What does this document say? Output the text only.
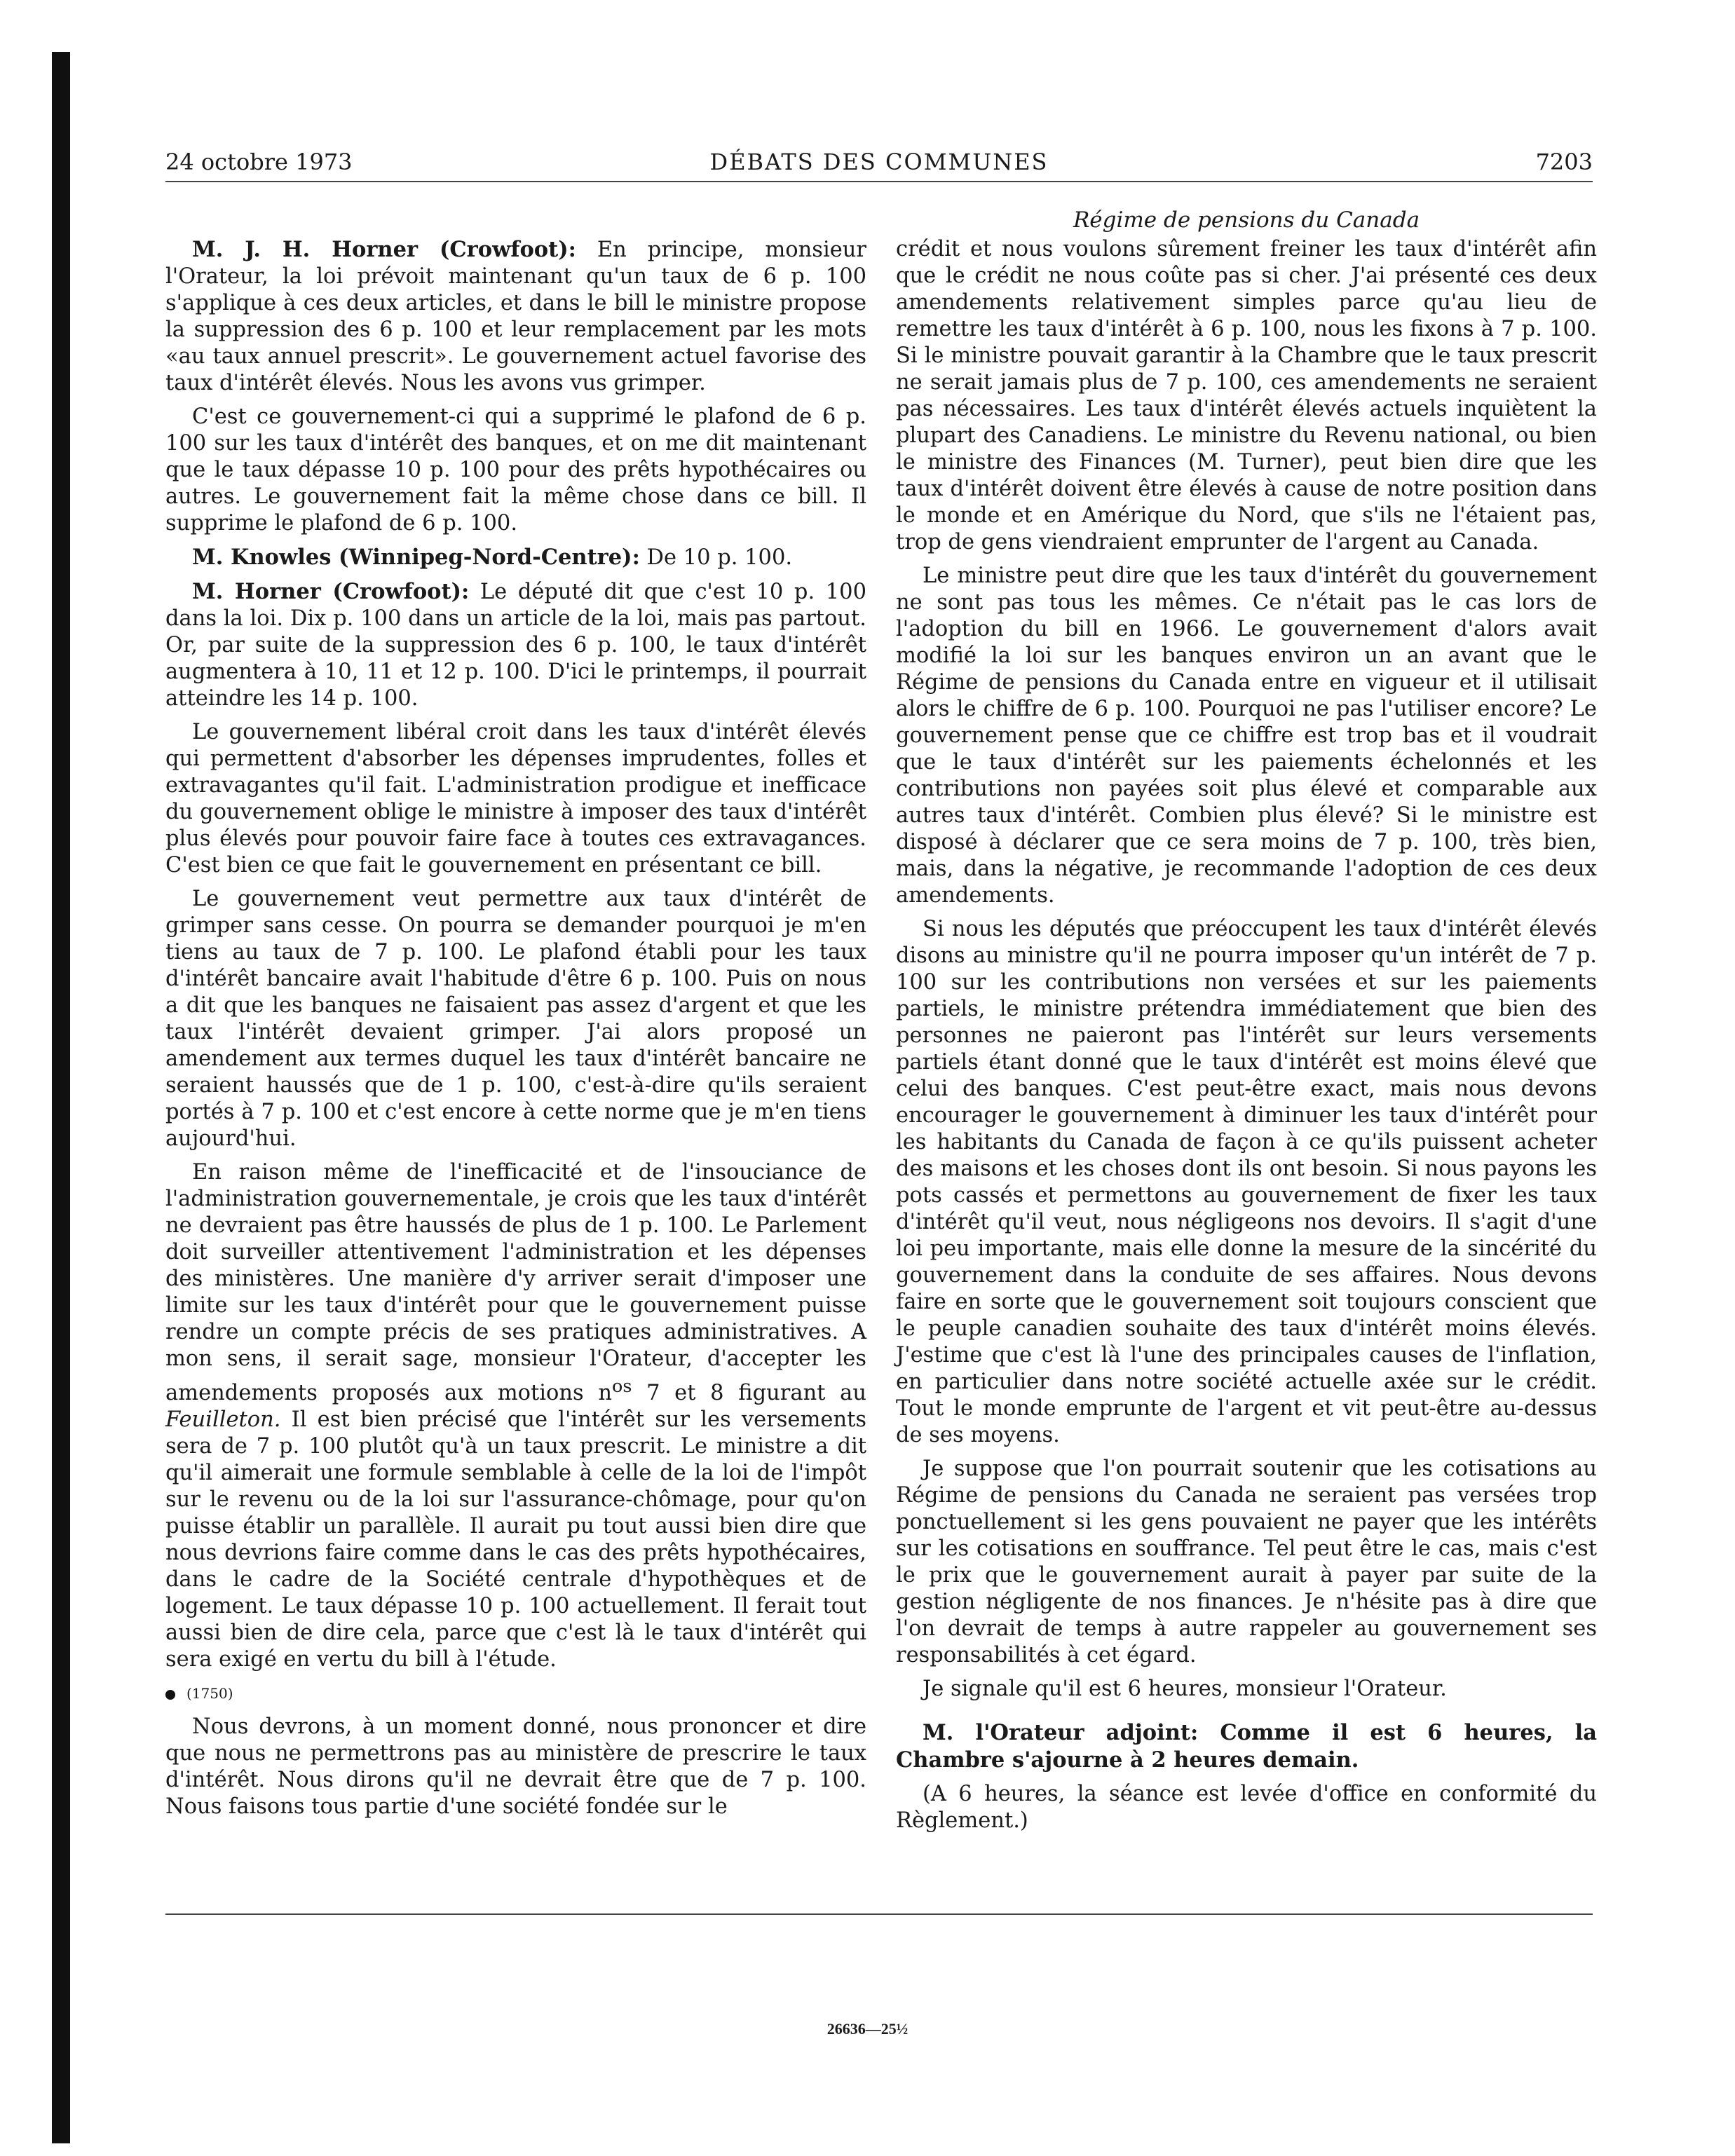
24 octobre 1973	DÉBATS DES COMMUNES	7203

M. J. H. Horner (Crowfoot): En principe, monsieur l'Orateur, la loi prévoit maintenant qu'un taux de 6 p. 100 s'applique à ces deux articles, et dans le bill le ministre propose la suppression des 6 p. 100 et leur remplacement par les mots «au taux annuel prescrit». Le gouvernement actuel favorise des taux d'intérêt élevés. Nous les avons vus grimper.

C'est ce gouvernement-ci qui a supprimé le plafond de 6 p. 100 sur les taux d'intérêt des banques, et on me dit maintenant que le taux dépasse 10 p. 100 pour des prêts hypothécaires ou autres. Le gouvernement fait la même chose dans ce bill. Il supprime le plafond de 6 p. 100.

M. Knowles (Winnipeg-Nord-Centre): De 10 p. 100.

M. Horner (Crowfoot): Le député dit que c'est 10 p. 100 dans la loi. Dix p. 100 dans un article de la loi, mais pas partout. Or, par suite de la suppression des 6 p. 100, le taux d'intérêt augmentera à 10, 11 et 12 p. 100. D'ici le printemps, il pourrait atteindre les 14 p. 100.

Le gouvernement libéral croit dans les taux d'intérêt élevés qui permettent d'absorber les dépenses imprudentes, folles et extravagantes qu'il fait. L'administration prodigue et inefficace du gouvernement oblige le ministre à imposer des taux d'intérêt plus élevés pour pouvoir faire face à toutes ces extravagances. C'est bien ce que fait le gouvernement en présentant ce bill.

Le gouvernement veut permettre aux taux d'intérêt de grimper sans cesse. On pourra se demander pourquoi je m'en tiens au taux de 7 p. 100. Le plafond établi pour les taux d'intérêt bancaire avait l'habitude d'être 6 p. 100. Puis on nous a dit que les banques ne faisaient pas assez d'argent et que les taux l'intérêt devaient grimper. J'ai alors proposé un amendement aux termes duquel les taux d'intérêt bancaire ne seraient haussés que de 1 p. 100, c'est-à-dire qu'ils seraient portés à 7 p. 100 et c'est encore à cette norme que je m'en tiens aujourd'hui.

En raison même de l'inefficacité et de l'insouciance de l'administration gouvernementale, je crois que les taux d'intérêt ne devraient pas être haussés de plus de 1 p. 100. Le Parlement doit surveiller attentivement l'administration et les dépenses des ministères. Une manière d'y arriver serait d'imposer une limite sur les taux d'intérêt pour que le gouvernement puisse rendre un compte précis de ses pratiques administratives. A mon sens, il serait sage, monsieur l'Orateur, d'accepter les amendements proposés aux motions $n^{os}$ 7 et 8 figurant au Feuilleton. Il est bien précisé que l'intérêt sur les versements sera de 7 p. 100 plutôt qu'à un taux prescrit. Le ministre a dit qu'il aimerait une formule semblable à celle de la loi de l'impôt sur le revenu ou de la loi sur l'assurance-chômage, pour qu'on puisse établir un parallèle. Il aurait pu tout aussi bien dire que nous devrions faire comme dans le cas des prêts hypothécaires, dans le cadre de la Société centrale d'hypothèques et de logement. Le taux dépasse 10 p. 100 actuellement. Il ferait tout aussi bien de dire cela, parce que c'est là le taux d'intérêt qui sera exigé en vertu du bill à l'étude.

(1750)

Nous devrons, à un moment donné, nous prononcer et dire que nous ne permettrons pas au ministère de prescrire le taux d'intérêt. Nous dirons qu'il ne devrait être que de 7 p. 100. Nous faisons tous partie d'une société fondée sur le

Régime de pensions du Canada

crédit et nous voulons sûrement freiner les taux d'intérêt afin que le crédit ne nous coûte pas si cher. J'ai présenté ces deux amendements relativement simples parce qu'au lieu de remettre les taux d'intérêt à 6 p. 100, nous les fixons à 7 p. 100. Si le ministre pouvait garantir à la Chambre que le taux prescrit ne serait jamais plus de 7 p. 100, ces amendements ne seraient pas nécessaires. Les taux d'intérêt élevés actuels inquiètent la plupart des Canadiens. Le ministre du Revenu national, ou bien le ministre des Finances (M. Turner), peut bien dire que les taux d'intérêt doivent être élevés à cause de notre position dans le monde et en Amérique du Nord, que s'ils ne l'étaient pas, trop de gens viendraient emprunter de l'argent au Canada.

Le ministre peut dire que les taux d'intérêt du gouvernement ne sont pas tous les mêmes. Ce n'était pas le cas lors de l'adoption du bill en 1966. Le gouvernement d'alors avait modifié la loi sur les banques environ un an avant que le Régime de pensions du Canada entre en vigueur et il utilisait alors le chiffre de 6 p. 100. Pourquoi ne pas l'utiliser encore? Le gouvernement pense que ce chiffre est trop bas et il voudrait que le taux d'intérêt sur les paiements échelonnés et les contributions non payées soit plus élevé et comparable aux autres taux d'intérêt. Combien plus élevé? Si le ministre est disposé à déclarer que ce sera moins de 7 p. 100, très bien, mais, dans la négative, je recommande l'adoption de ces deux amendements.

Si nous les députés que préoccupent les taux d'intérêt élevés disons au ministre qu'il ne pourra imposer qu'un intérêt de 7 p. 100 sur les contributions non versées et sur les paiements partiels, le ministre prétendra immédiatement que bien des personnes ne paieront pas l'intérêt sur leurs versements partiels étant donné que le taux d'intérêt est moins élevé que celui des banques. C'est peut-être exact, mais nous devons encourager le gouvernement à diminuer les taux d'intérêt pour les habitants du Canada de façon à ce qu'ils puissent acheter des maisons et les choses dont ils ont besoin. Si nous payons les pots cassés et permettons au gouvernement de fixer les taux d'intérêt qu'il veut, nous négligeons nos devoirs. Il s'agit d'une loi peu importante, mais elle donne la mesure de la sincérité du gouvernement dans la conduite de ses affaires. Nous devons faire en sorte que le gouvernement soit toujours conscient que le peuple canadien souhaite des taux d'intérêt moins élevés. J'estime que c'est là l'une des principales causes de l'inflation, en particulier dans notre société actuelle axée sur le crédit. Tout le monde emprunte de l'argent et vit peut-être au-dessus de ses moyens.

Je suppose que l'on pourrait soutenir que les cotisations au Régime de pensions du Canada ne seraient pas versées trop ponctuellement si les gens pouvaient ne payer que les intérêts sur les cotisations en souffrance. Tel peut être le cas, mais c'est le prix que le gouvernement aurait à payer par suite de la gestion négligente de nos finances. Je n'hésite pas à dire que l'on devrait de temps à autre rappeler au gouvernement ses responsabilités à cet égard.

Je signale qu'il est 6 heures, monsieur l'Orateur.

M. l'Orateur adjoint: Comme il est 6 heures, la Chambre s'ajourne à 2 heures demain.

(A 6 heures, la séance est levée d'office en conformité du Règlement.)

26636—25½
